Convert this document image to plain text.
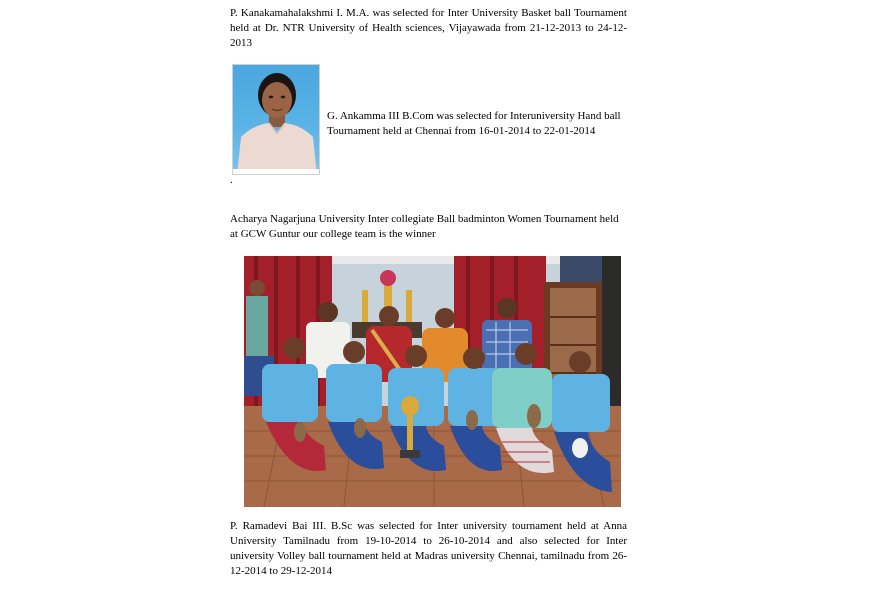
P. Kanakamahalakshmi I. M.A. was selected for Inter University Basket ball Tournament held at Dr. NTR University of Health sciences, Vijayawada from 21-12-2013 to 24-12-2013
G. Ankamma III B.Com was selected for Interuniversity Hand ball Tournament held at Chennai from 16-01-2014 to 22-01-2014
.
Acharya Nagarjuna University Inter collegiate Ball badminton Women Tournament held at GCW Guntur our college team is the winner
P. Ramadevi Bai III. B.Sc was selected for Inter university tournament held at Anna University Tamilnadu from 19-10-2014 to 26-10-2014 and also selected for Inter university Volley ball tournament held at Madras university Chennai, tamilnadu from 26-12-2014 to 29-12-2014
